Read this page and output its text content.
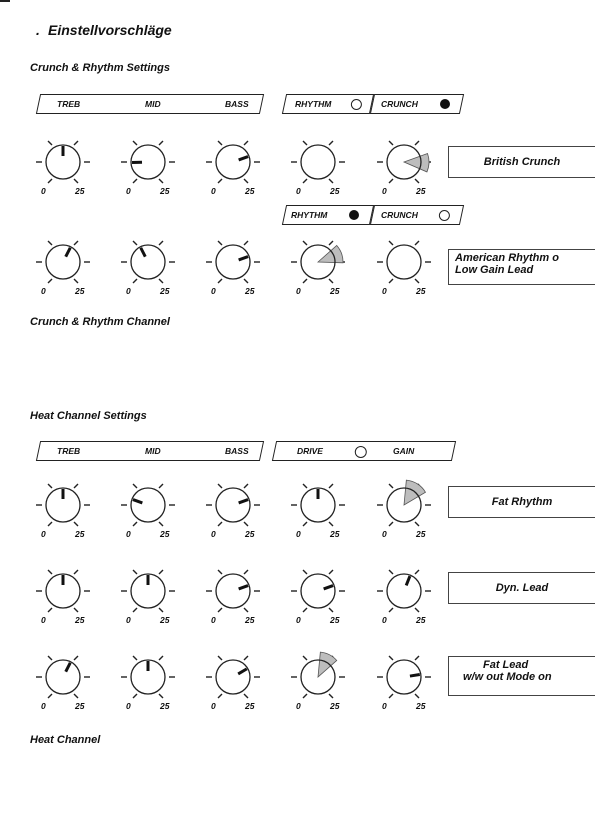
. Einstellvorschläge
Crunch & Rhythm Settings
TREB	MID	BASS	RHYTHM	CRUNCH
RHYTHM	CRUNCH
Crunch & Rhythm Channel
Heat Channel Settings
TREB	MID	BASS	DRIVE	GAIN
Heat Channel
0	25	0	25	0	25	0	25	0	25
British Crunch
0	25	0	25	0	25	0	25	0	25
American Rhythm o
Low Gain Lead
0	25	0	25	0	25	0	25	0	25
Fat Rhythm
0	25	0	25	0	25	0	25	0	25
Dyn. Lead
0	25	0	25	0	25	0	25	0	25
Fat Lead
w/w out Mode on
